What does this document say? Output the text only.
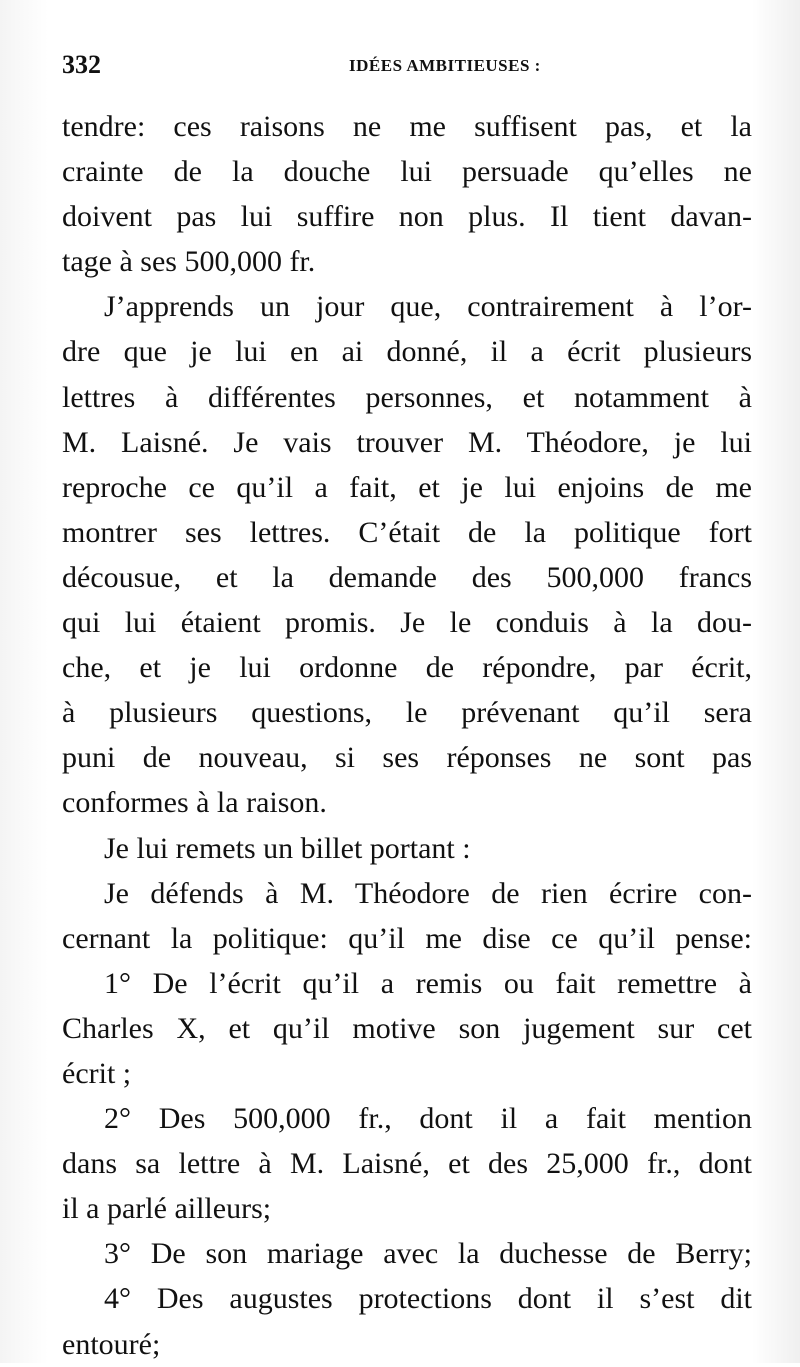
332	IDÉES AMBITIEUSES :
tendre: ces raisons ne me suffisent pas, et la
crainte de la douche lui persuade qu’elles ne
doivent pas lui suffire non plus. Il tient davan-
tage à ses 500,000 fr.
J’apprends un jour que, contrairement à l’or-
dre que je lui en ai donné, il a écrit plusieurs
lettres à différentes personnes, et notamment à
M. Laisné. Je vais trouver M. Théodore, je lui
reproche ce qu’il a fait, et je lui enjoins de me
montrer ses lettres. C’était de la politique fort
décousue, et la demande des 500,000 francs
qui lui étaient promis. Je le conduis à la dou-
che, et je lui ordonne de répondre, par écrit,
à plusieurs questions, le prévenant qu’il sera
puni de nouveau, si ses réponses ne sont pas
conformes à la raison.
Je lui remets un billet portant :
Je défends à M. Théodore de rien écrire con-
cernant la politique: qu’il me dise ce qu’il pense:
1° De l’écrit qu’il a remis ou fait remettre à
Charles X, et qu’il motive son jugement sur cet
écrit ;
2° Des 500,000 fr., dont il a fait mention
dans sa lettre à M. Laisné, et des 25,000 fr., dont
il a parlé ailleurs;
3° De son mariage avec la duchesse de Berry;
4° Des augustes protections dont il s’est dit
entouré;
